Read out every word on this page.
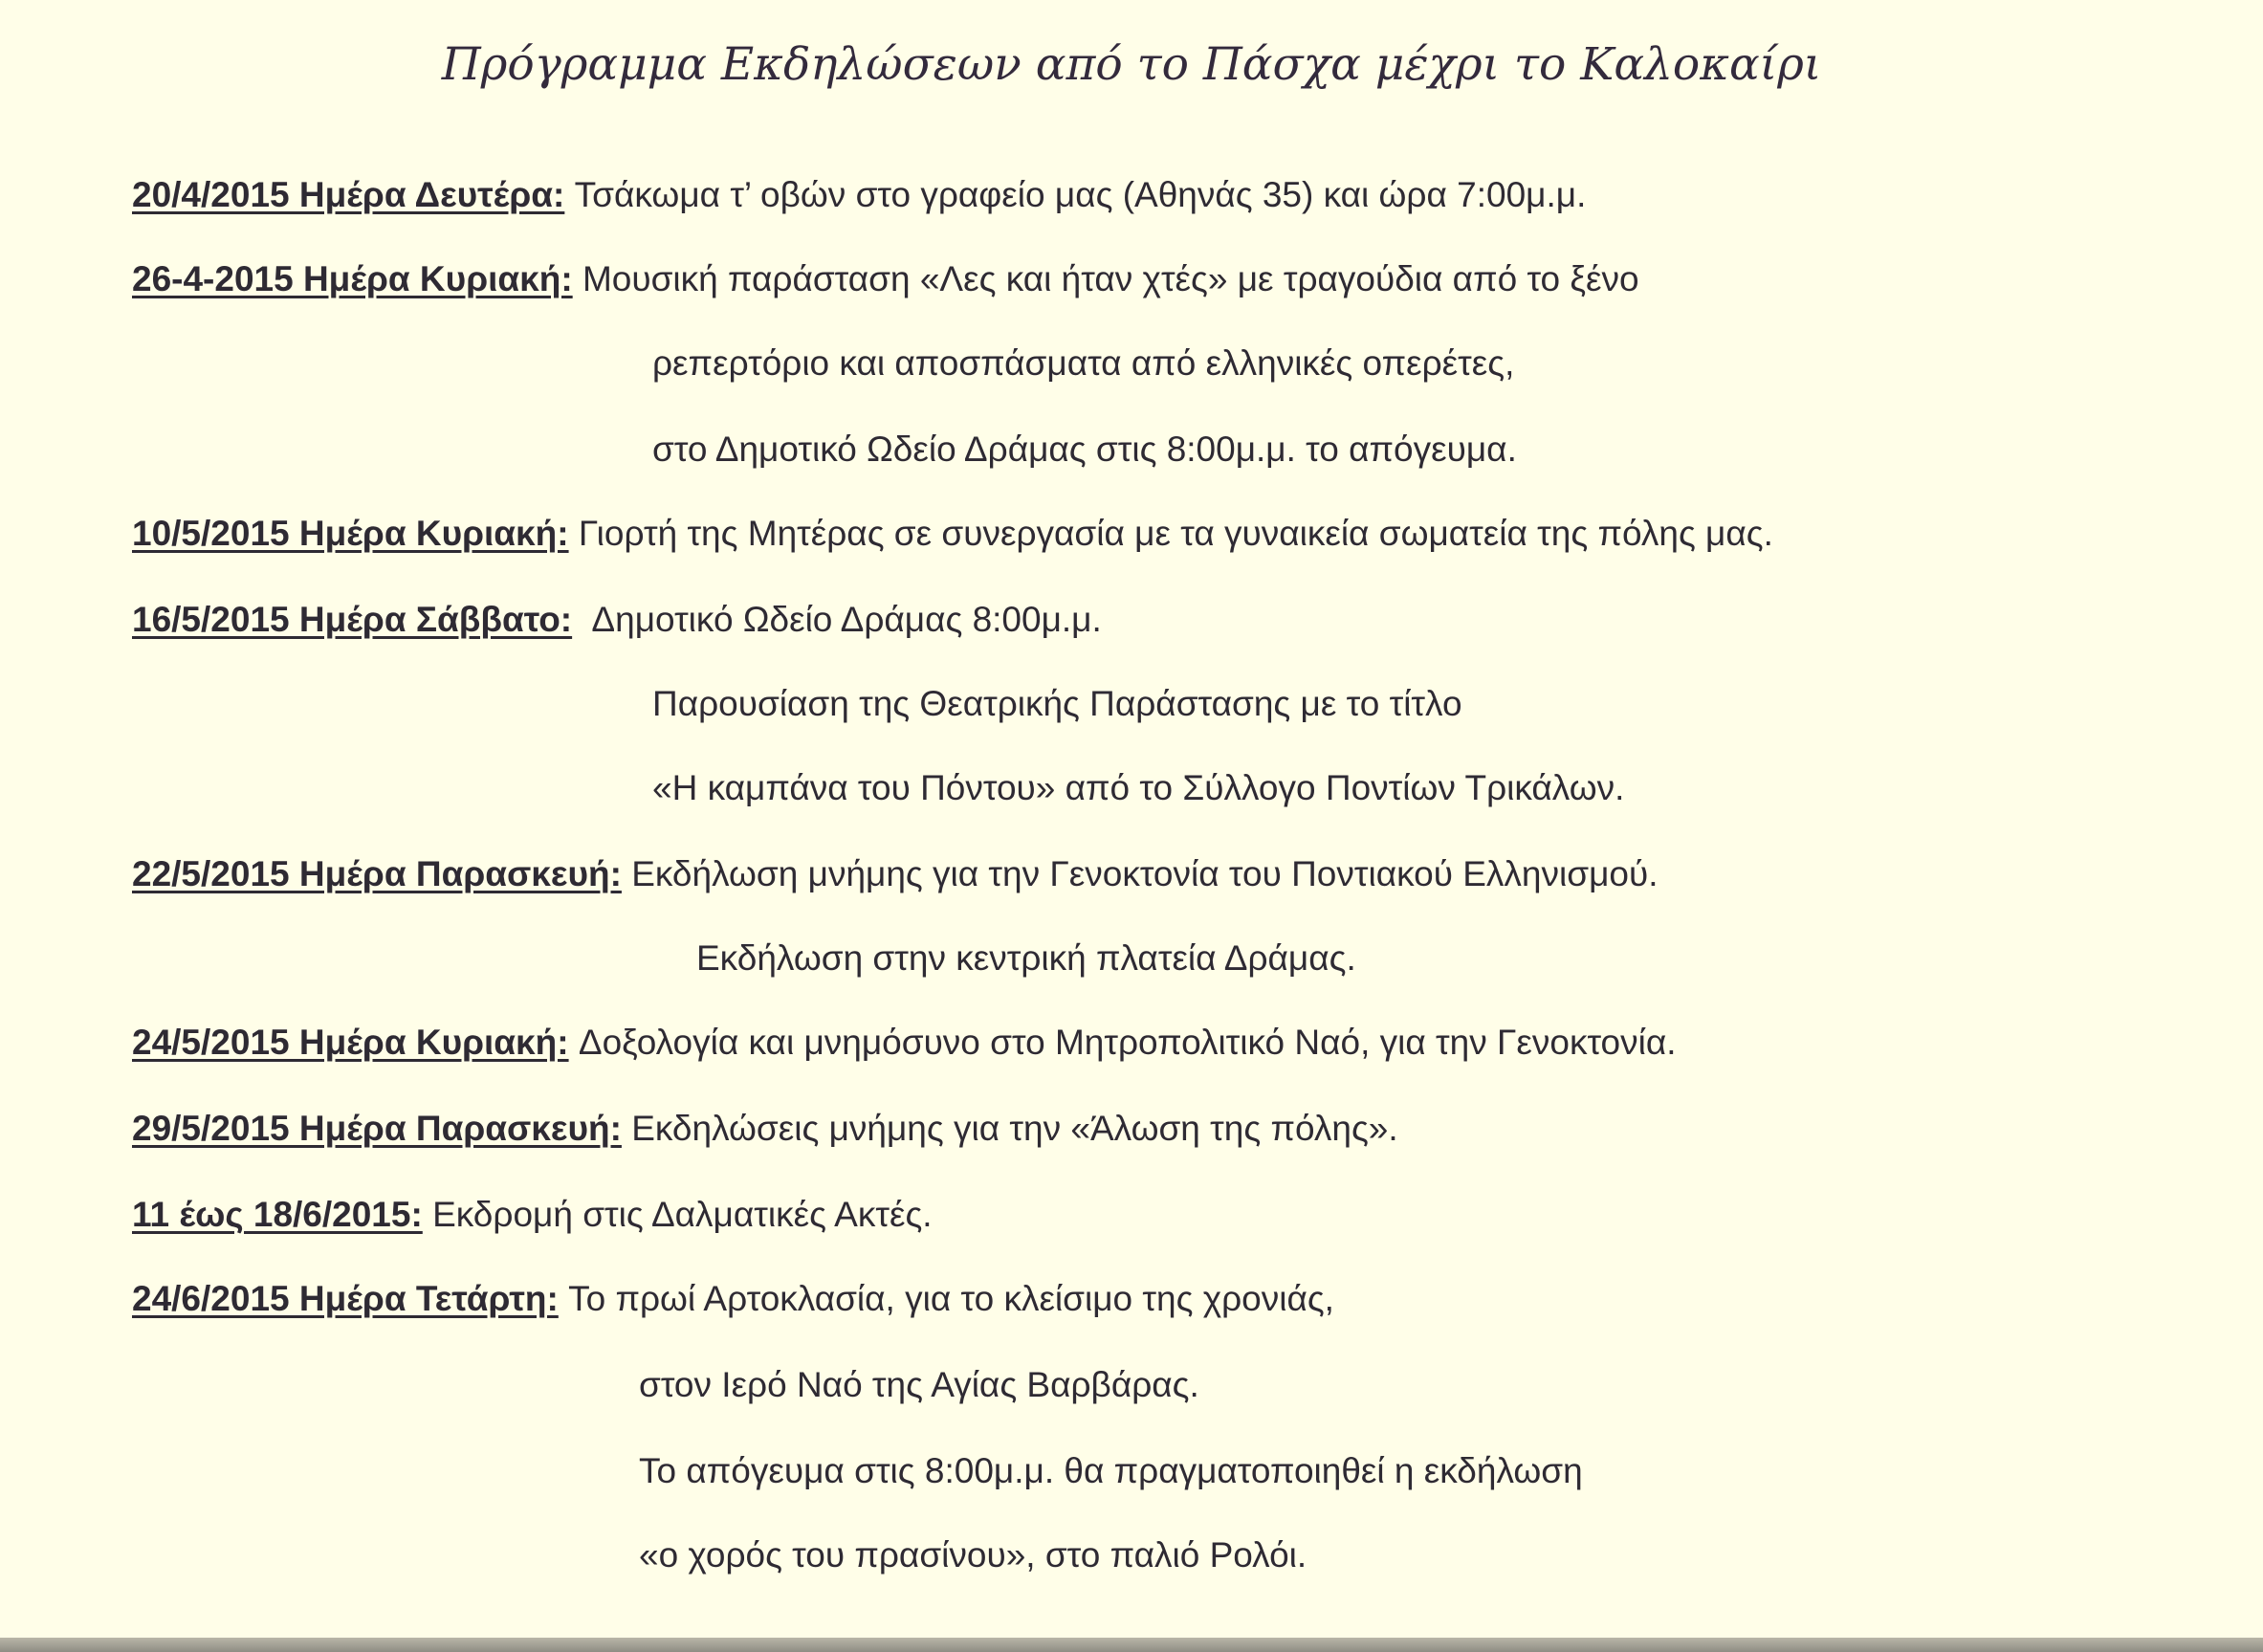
Πρόγραμμα Εκδηλώσεων από το Πάσχα μέχρι το Καλοκαίρι
20/4/2015 Ημέρα Δευτέρα: Τσάκωμα τ’ οβών στο γραφείο μας (Αθηνάς 35) και ώρα 7:00μ.μ.
26-4-2015 Ημέρα Κυριακή: Μουσική παράσταση «Λες και ήταν χτές» με τραγούδια από το ξένο
ρεπερτόριο και αποσπάσματα από ελληνικές οπερέτες,
στο Δημοτικό Ωδείο Δράμας στις 8:00μ.μ. το απόγευμα.
10/5/2015 Ημέρα Κυριακή: Γιορτή της Μητέρας σε συνεργασία με τα γυναικεία σωματεία της πόλης μας.
16/5/2015 Ημέρα Σάββατο: Δημοτικό Ωδείο Δράμας 8:00μ.μ.
Παρουσίαση της Θεατρικής Παράστασης με το τίτλο
«Η καμπάνα του Πόντου» από το Σύλλογο Ποντίων Τρικάλων.
22/5/2015 Ημέρα Παρασκευή: Εκδήλωση μνήμης για την Γενοκτονία του Ποντιακού Ελληνισμού.
Εκδήλωση στην κεντρική πλατεία Δράμας.
24/5/2015 Ημέρα Κυριακή: Δοξολογία και μνημόσυνο στο Μητροπολιτικό Ναό, για την Γενοκτονία.
29/5/2015 Ημέρα Παρασκευή: Εκδηλώσεις μνήμης για την «Άλωση της πόλης».
11 έως 18/6/2015: Εκδρομή στις Δαλματικές Ακτές.
24/6/2015 Ημέρα Τετάρτη: Το πρωί Αρτοκλασία, για το κλείσιμο της χρονιάς,
στον Ιερό Ναό της Αγίας Βαρβάρας.
Το απόγευμα στις 8:00μ.μ. θα πραγματοποιηθεί η εκδήλωση
«ο χορός του πρασίνου», στο παλιό Ρολόι.
